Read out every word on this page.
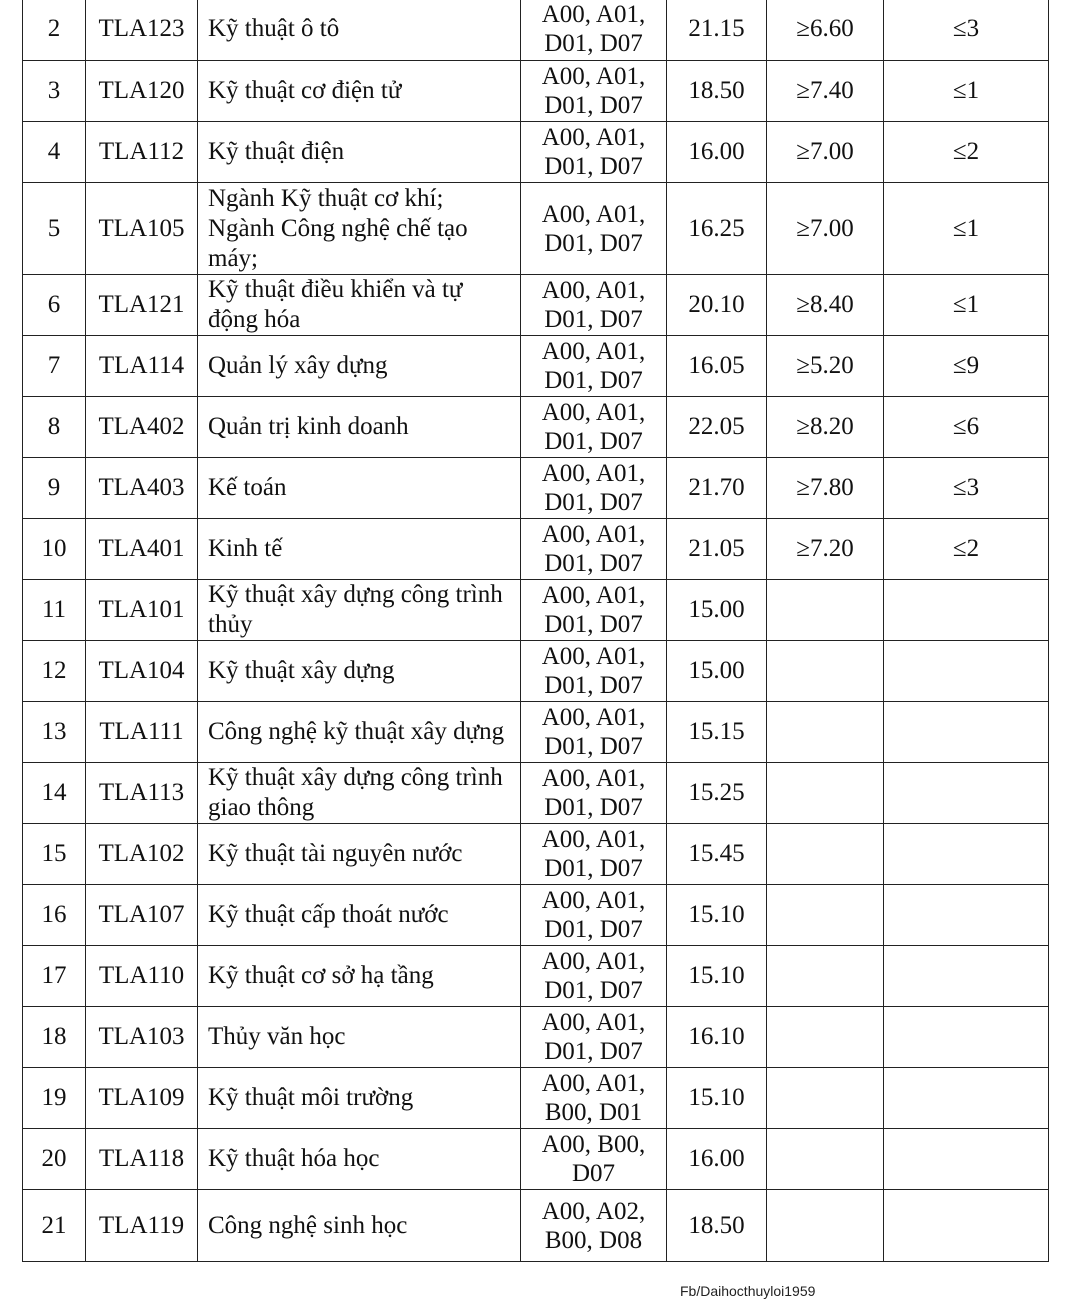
2	TLA123	Kỹ thuật ô tô	A00, A01,
D01, D07	21.15	≥6.60	≤3
3	TLA120	Kỹ thuật cơ điện tử	A00, A01,
D01, D07	18.50	≥7.40	≤1
4	TLA112	Kỹ thuật điện	A00, A01,
D01, D07	16.00	≥7.00	≤2
5	TLA105	Ngành Kỹ thuật cơ khí; Ngành Công nghệ chế tạo máy;	A00, A01,
D01, D07	16.25	≥7.00	≤1
6	TLA121	Kỹ thuật điều khiển và tự động hóa	A00, A01,
D01, D07	20.10	≥8.40	≤1
7	TLA114	Quản lý xây dựng	A00, A01,
D01, D07	16.05	≥5.20	≤9
8	TLA402	Quản trị kinh doanh	A00, A01,
D01, D07	22.05	≥8.20	≤6
9	TLA403	Kế toán	A00, A01,
D01, D07	21.70	≥7.80	≤3
10	TLA401	Kinh tế	A00, A01,
D01, D07	21.05	≥7.20	≤2
11	TLA101	Kỹ thuật xây dựng công trình thủy	A00, A01,
D01, D07	15.00		
12	TLA104	Kỹ thuật xây dựng	A00, A01,
D01, D07	15.00		
13	TLA111	Công nghệ kỹ thuật xây dựng	A00, A01,
D01, D07	15.15		
14	TLA113	Kỹ thuật xây dựng công trình giao thông	A00, A01,
D01, D07	15.25		
15	TLA102	Kỹ thuật tài nguyên nước	A00, A01,
D01, D07	15.45		
16	TLA107	Kỹ thuật cấp thoát nước	A00, A01,
D01, D07	15.10		
17	TLA110	Kỹ thuật cơ sở hạ tầng	A00, A01,
D01, D07	15.10		
18	TLA103	Thủy văn học	A00, A01,
D01, D07	16.10		
19	TLA109	Kỹ thuật môi trường	A00, A01,
B00, D01	15.10		
20	TLA118	Kỹ thuật hóa học	A00, B00,
D07	16.00		
21	TLA119	Công nghệ sinh học	A00, A02,
B00, D08	18.50		
Fb/Daihocthuyloi1959
